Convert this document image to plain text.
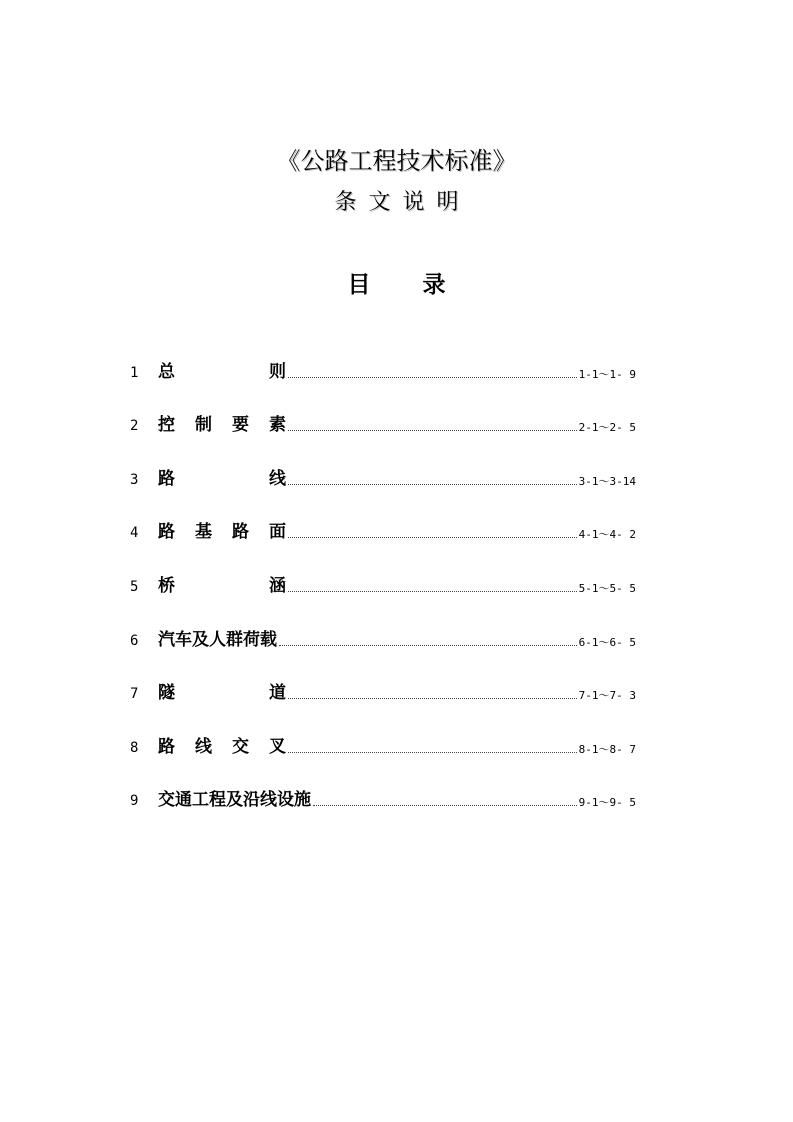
《公路工程技术标准》
条文说明
目 录
1	总	则	1-1～1- 9
2	控 制 要 素	2-1～2- 5
3	路	线	3-1～3-14
4	路 基 路 面	4-1～4- 2
5	桥	涵	5-1～5- 5
6	汽车及人群荷载	6-1～6- 5
7	隧	道	7-1～7- 3
8	路 线 交 叉	8-1～8- 7
9	交通工程及沿线设施	9-1～9- 5
